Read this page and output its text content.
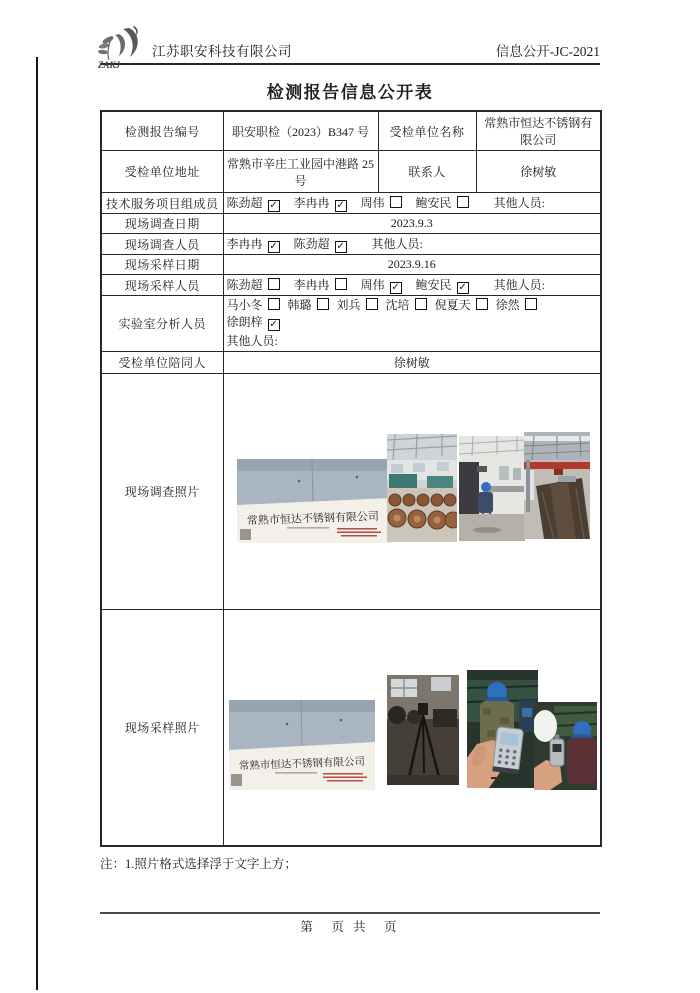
ZAKJ
江苏职安科技有限公司	信息公开-JC-2021
检测报告信息公开表
检测报告编号	职安职检（2023）B347 号	受检单位名称	常熟市恒达不锈钢有限公司
受检单位地址	常熟市辛庄工业园中港路 25 号	联系人	徐树敏
技术服务项目组成员	陈劲超 ✓ 李冉冉 ✓ 周伟 鲍安民 其他人员:		
现场调查日期	2023.9.3		
现场调查人员	李冉冉 ✓ 陈劲超 ✓ 其他人员:		
现场采样日期	2023.9.16		
现场采样人员	陈劲超 李冉冉 周伟 ✓ 鲍安民 ✓ 其他人员:		
实验室分析人员	马小冬 韩璐 刘兵 沈培 倪夏天 徐然徐朗梓 ✓
其他人员:		

受检单位陪同人	徐树敏		
现场调查照片	常熟市恒达不锈钢有限公司		

现场采样照片	常熟市恒达不锈钢有限公司		

注：1.照片格式选择浮于文字上方；

第　页 共　页
